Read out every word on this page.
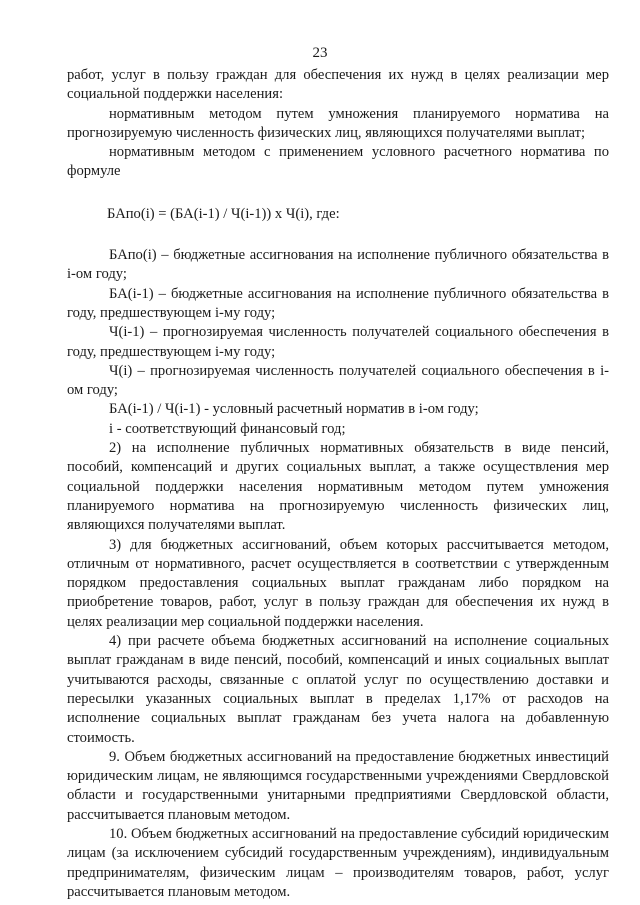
23

работ, услуг в пользу граждан для обеспечения их нужд в целях реализации мер социальной поддержки населения:

нормативным методом путем умножения планируемого норматива на прогнозируемую численность физических лиц, являющихся получателями выплат;

нормативным методом с применением условного расчетного норматива по формуле

БАпо(i) = (БА(i-1) / Ч(i-1)) х Ч(i), где:

БАпо(i) – бюджетные ассигнования на исполнение публичного обязательства в i-ом году;

БА(i-1) – бюджетные ассигнования на исполнение публичного обязательства в году, предшествующем i-му году;

Ч(i-1) – прогнозируемая численность получателей социального обеспечения в году, предшествующем i-му году;

Ч(i) – прогнозируемая численность получателей социального обеспечения в i-ом году;

БА(i-1) / Ч(i-1) - условный расчетный норматив в i-ом году;

i - соответствующий финансовый год;

2) на исполнение публичных нормативных обязательств в виде пенсий, пособий, компенсаций и других социальных выплат, а также осуществления мер социальной поддержки населения нормативным методом путем умножения планируемого норматива на прогнозируемую численность физических лиц, являющихся получателями выплат.

3) для бюджетных ассигнований, объем которых рассчитывается методом, отличным от нормативного, расчет осуществляется в соответствии с утвержденным порядком предоставления социальных выплат гражданам либо порядком на приобретение товаров, работ, услуг в пользу граждан для обеспечения их нужд в целях реализации мер социальной поддержки населения.

4) при расчете объема бюджетных ассигнований на исполнение социальных выплат гражданам в виде пенсий, пособий, компенсаций и иных социальных выплат учитываются расходы, связанные с оплатой услуг по осуществлению доставки и пересылки указанных социальных выплат в пределах 1,17% от расходов на исполнение социальных выплат гражданам без учета налога на добавленную стоимость.

9. Объем бюджетных ассигнований на предоставление бюджетных инвестиций юридическим лицам, не являющимся государственными учреждениями Свердловской области и государственными унитарными предприятиями Свердловской области, рассчитывается плановым методом.

10. Объем бюджетных ассигнований на предоставление субсидий юридическим лицам (за исключением субсидий государственным учреждениям), индивидуальным предпринимателям, физическим лицам – производителям товаров, работ, услуг рассчитывается плановым методом.
